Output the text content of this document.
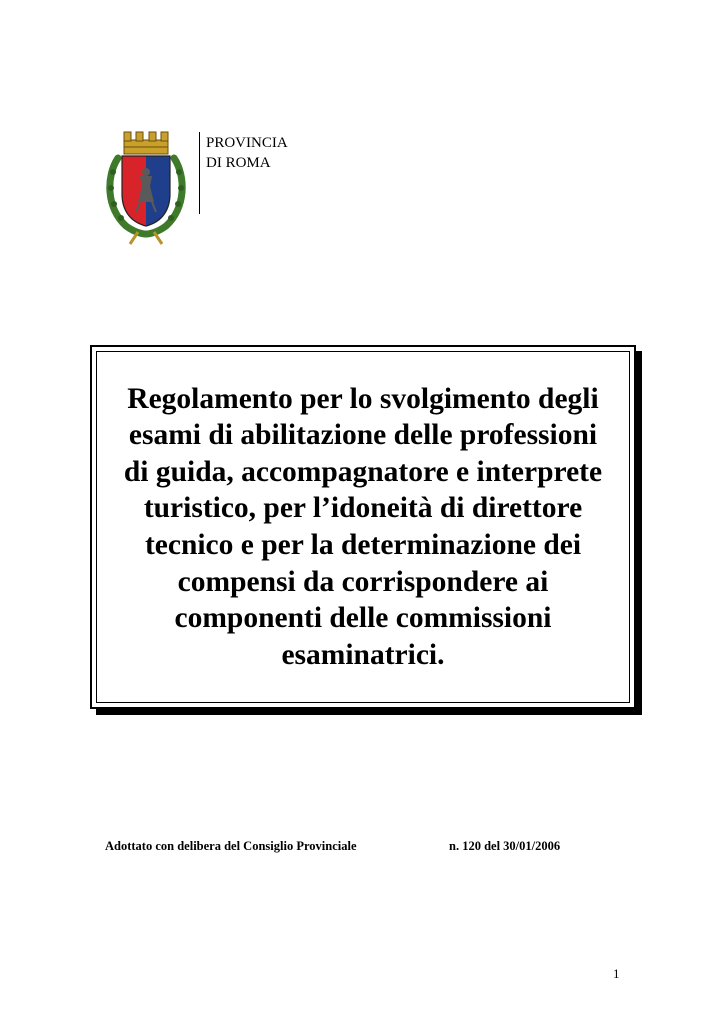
PROVINCIA
DI ROMA

Regolamento per lo svolgimento degli
esami di abilitazione delle professioni
di guida, accompagnatore e interprete
turistico, per l’idoneità di direttore
tecnico e per la determinazione dei
compensi da corrispondere ai
componenti delle commissioni
esaminatrici.

Adottato con delibera del Consiglio Provinciale	n. 120 del 30/01/2006
1
